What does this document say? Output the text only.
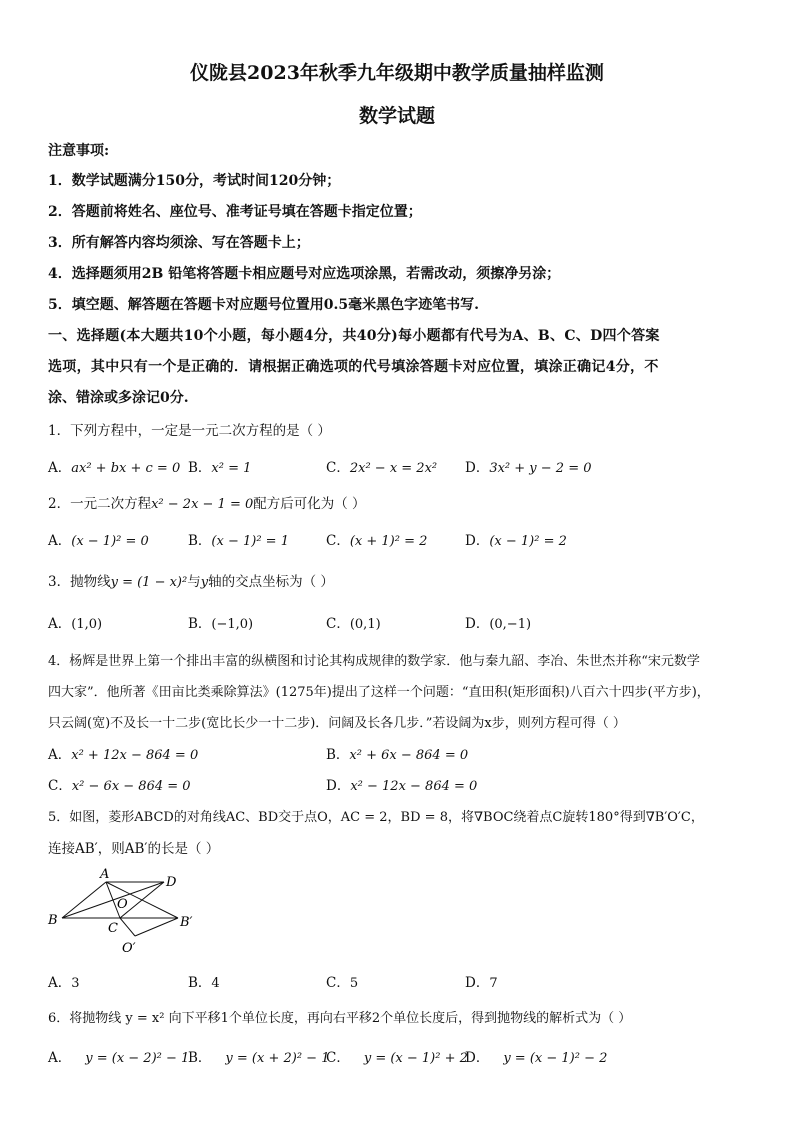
仪陇县2023年秋季九年级期中教学质量抽样监测
数学试题
注意事项:
1．数学试题满分150分，考试时间120分钟；
2．答题前将姓名、座位号、准考证号填在答题卡指定位置；
3．所有解答内容均须涂、写在答题卡上；
4．选择题须用2B 铅笔将答题卡相应题号对应选项涂黑，若需改动，须擦净另涂；
5．填空题、解答题在答题卡对应题号位置用0.5毫米黑色字迹笔书写.
一、选择题(本大题共10个小题，每小题4分，共40分)每小题都有代号为A、B、C、D四个答案
选项，其中只有一个是正确的．请根据正确选项的代号填涂答题卡对应位置，填涂正确记4分，不
涂、错涂或多涂记0分.
1．下列方程中，一定是一元二次方程的是（ ）
A．ax² + bx + c = 0 B．x² = 1	C．2x² − x = 2x² D．3x² + y − 2 = 0
2．一元二次方程x² − 2x − 1 = 0配方后可化为（ ）
A．(x − 1)² = 0	B．(x − 1)² = 1	C．(x + 1)² = 2	D．(x − 1)² = 2
3．抛物线y = (1 − x)²与y轴的交点坐标为（ ）
A．(1,0)	B．(−1,0)	C．(0,1)	D．(0,−1)
4．杨辉是世界上第一个排出丰富的纵横图和讨论其构成规律的数学家．他与秦九韶、李冶、朱世杰并称“宋元数学
四大家”．他所著《田亩比类乘除算法》(1275年)提出了这样一个问题：“直田积(矩形面积)八百六十四步(平方步)，
只云阔(宽)不及长一十二步(宽比长少一十二步)．问阔及长各几步．”若设阔为x步，则列方程可得（ ）
A．x² + 12x − 864 = 0	B．x² + 6x − 864 = 0
C．x² − 6x − 864 = 0	D．x² − 12x − 864 = 0
5．如图，菱形ABCD的对角线AC、BD交于点O，AC = 2，BD = 8，将∇BOC绕着点C旋转180°得到∇B′O′C，
连接AB′，则AB′的长是（ ）
A
D
O
B
C	B′
O′
A．3	B．4	C．5	D．7
6．将抛物线 y = x² 向下平移1个单位长度，再向右平移2个单位长度后，得到抛物线的解析式为（ ）
A． y = (x − 2)² − 1
B． y = (x + 2)² − 1
C． y = (x − 1)² + 2
D． y = (x − 1)² − 2
